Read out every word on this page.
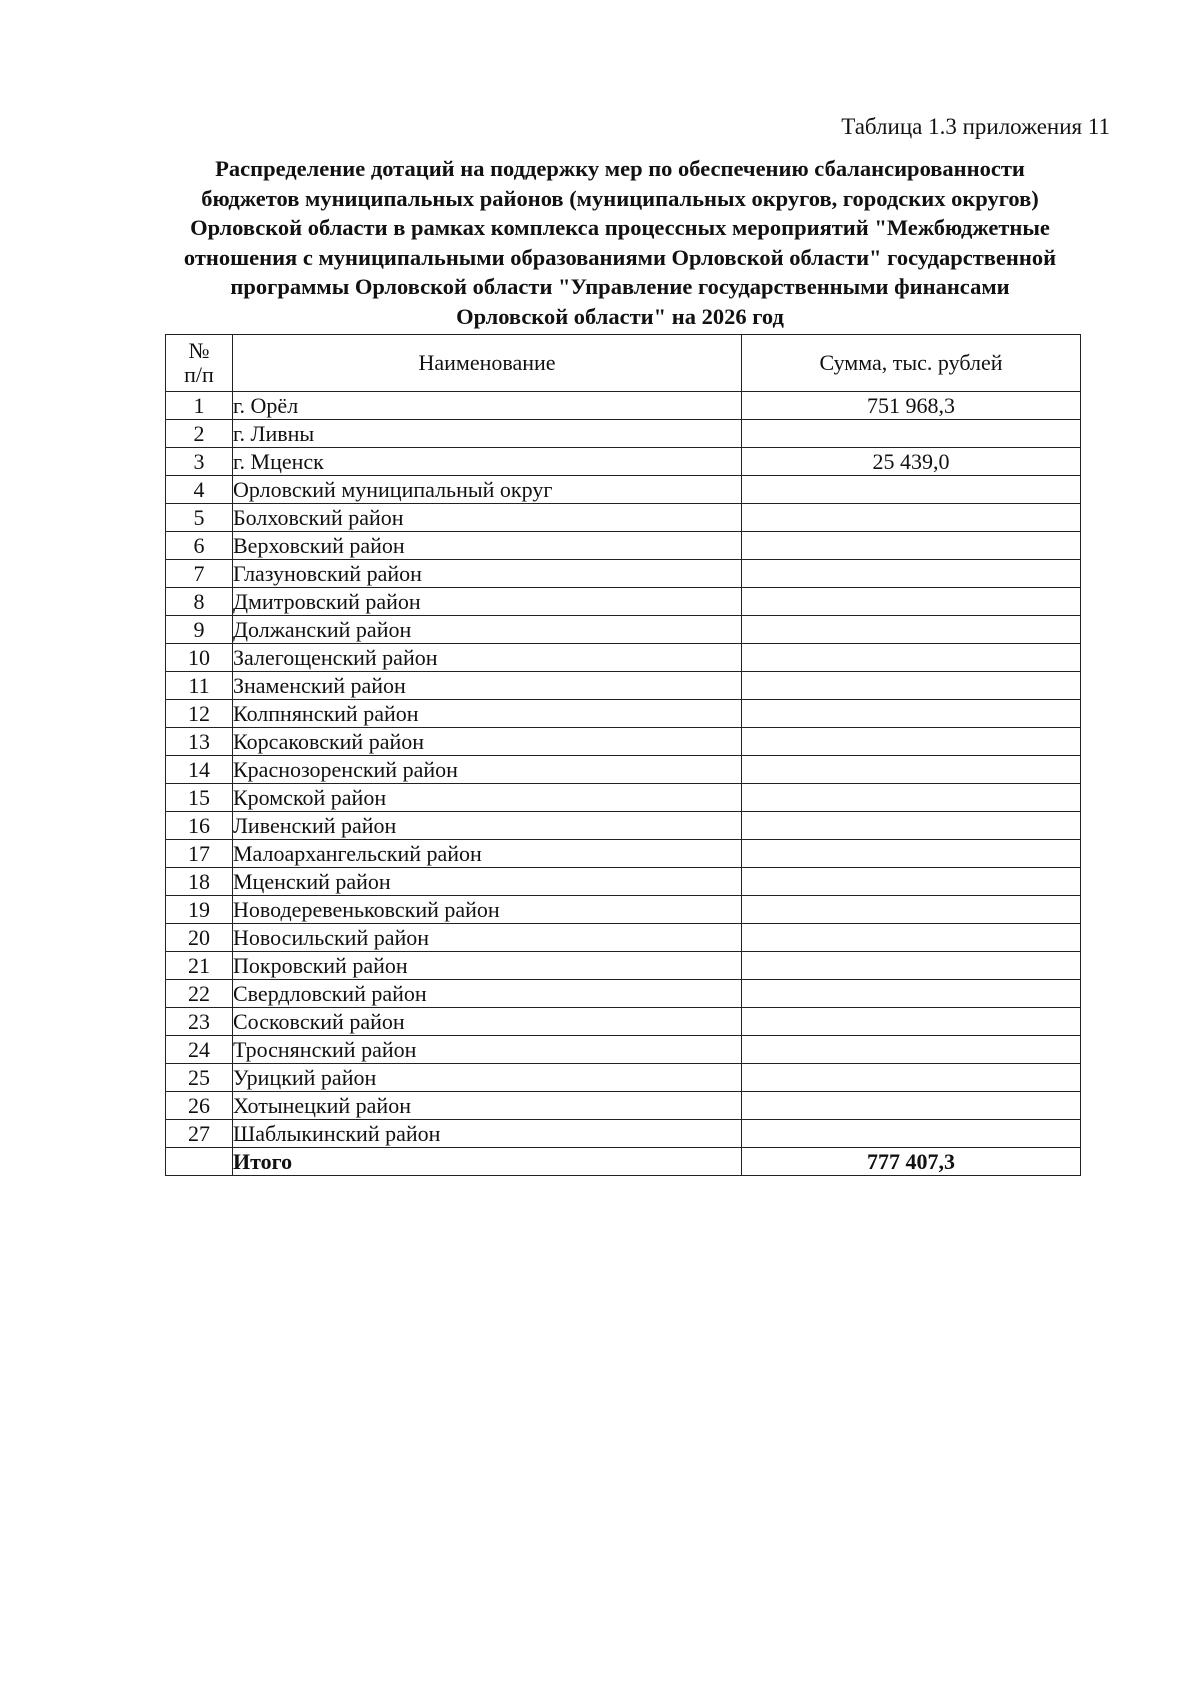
Таблица 1.3 приложения 11
Распределение дотаций на поддержку мер по обеспечению сбалансированности
бюджетов муниципальных районов (муниципальных округов, городских округов)
Орловской области в рамках комплекса процессных мероприятий "Межбюджетные
отношения с муниципальными образованиями Орловской области" государственной
программы Орловской области "Управление государственными финансами
Орловской области" на 2026 год
№
п/п	Наименование	Сумма, тыс. рублей
1	г. Орёл	751 968,3
2	г. Ливны	
3	г. Мценск	25 439,0
4	Орловский муниципальный округ	
5	Болховский район	
6	Верховский район	
7	Глазуновский район	
8	Дмитровский район	
9	Должанский район	
10	Залегощенский район	
11	Знаменский район	
12	Колпнянский район	
13	Корсаковский район	
14	Краснозоренский район	
15	Кромской район	
16	Ливенский район	
17	Малоархангельский район	
18	Мценский район	
19	Новодеревеньковский район	
20	Новосильский район	
21	Покровский район	
22	Свердловский район	
23	Сосковский район	
24	Троснянский район	
25	Урицкий район	
26	Хотынецкий район	
27	Шаблыкинский район	
	Итого	777 407,3
